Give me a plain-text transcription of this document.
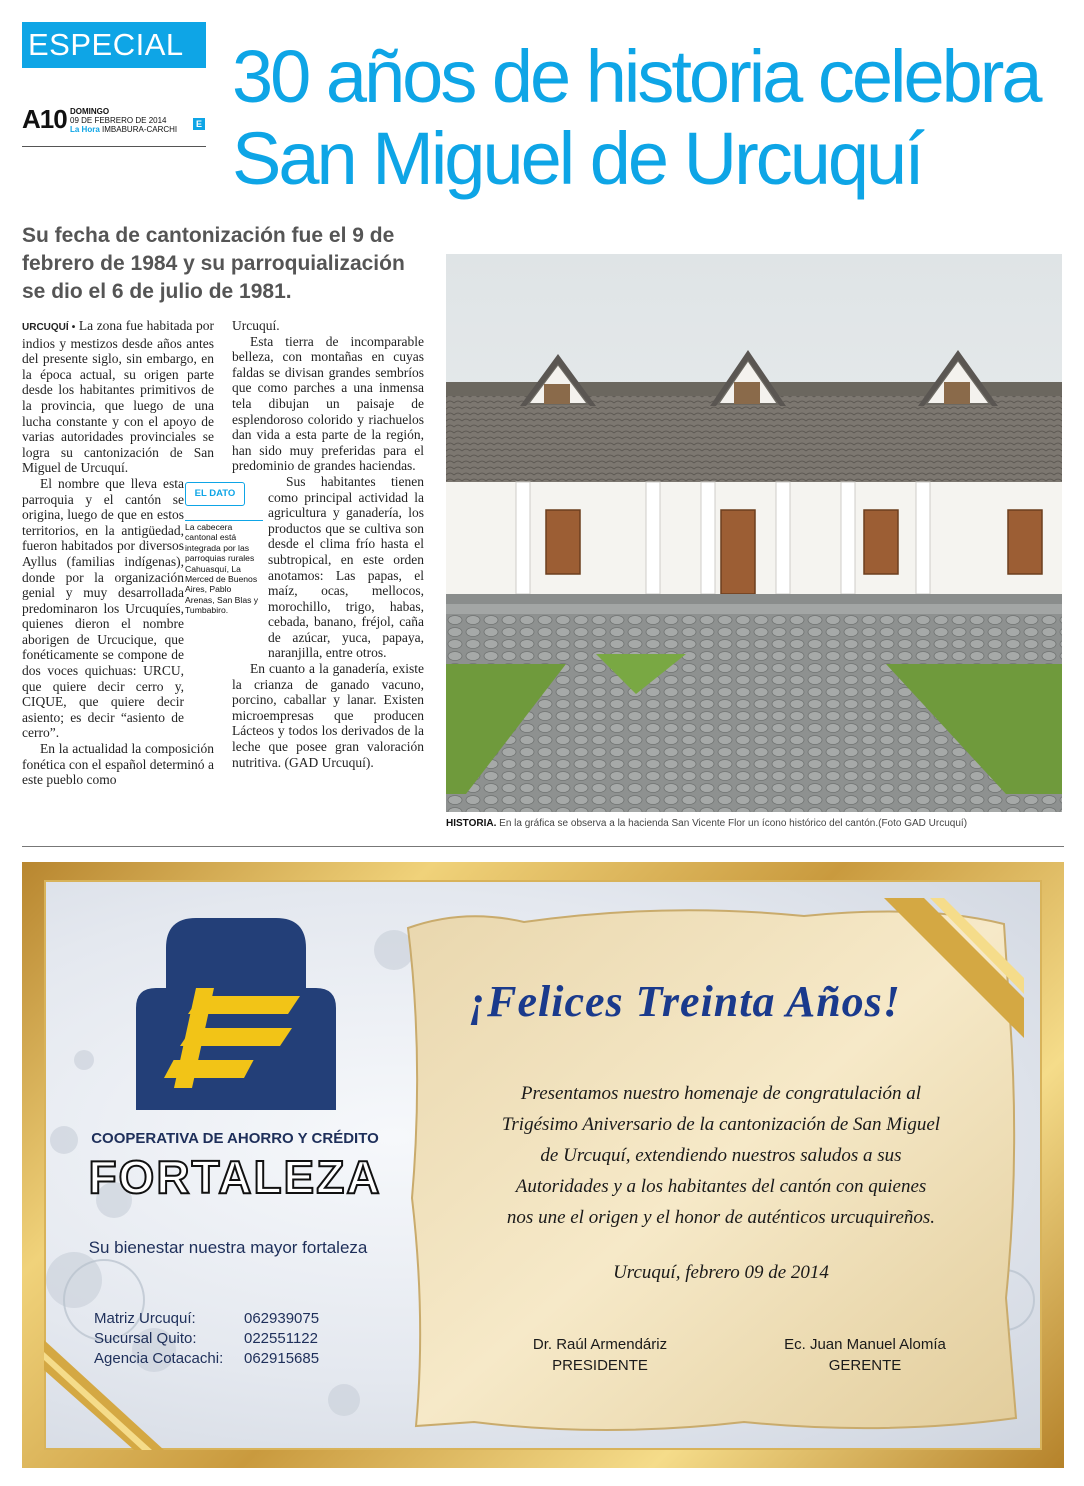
ESPECIAL
A10 DOMINGO
09 DE FEBRERO DE 2014
La Hora IMBABURA-CARCHI
E
30 años de historia celebra
San Miguel de Urcuquí
Su fecha de cantonización fue el 9 de febrero de 1984 y su parroquialización se dio el 6 de julio de 1981.

URCUQUÍ • La zona fue habitada por indios y mestizos desde años antes del presente siglo, sin embargo, en la época actual, su origen parte desde los habitantes primitivos de la provincia, que luego de una lucha constante y con el apoyo de varias autoridades provinciales se logra su cantonización de San Miguel de Urcuquí.

El nombre que lleva esta parroquia y el cantón se origina, luego de que en estos territorios, en la antigüedad, fueron habitados por diversos Ayllus (familias indígenas), donde por la organización genial y muy desarrollada predominaron los Urcuquíes, quienes dieron el nombre aborigen de Urcucique, que fonéticamente se compone de dos voces quichuas: URCU, que quiere decir cerro y, CIQUE, que quiere decir asiento; es decir “asiento de cerro”.

En la actualidad la composición fonética con el español determinó a este pueblo como

Urcuquí.

Esta tierra de incomparable belleza, con montañas en cuyas faldas se divisan grandes sembríos que como parches a una inmensa tela dibujan un paisaje de esplendoroso colorido y riachuelos dan vida a esta parte de la región, han sido muy preferidas para el predominio de grandes haciendas.

Sus habitantes tienen como principal actividad la agricultura y ganadería, los productos que se cultiva son desde el clima frío hasta el subtropical, en este orden anotamos: Las papas, el maíz, ocas, mellocos, morochillo, trigo, habas, cebada, banano, fréjol, caña de azúcar, yuca, papaya, naranjilla, entre otros.

En cuanto a la ganadería, existe la crianza de ganado vacuno, porcino, caballar y lanar. Existen microempresas que producen Lácteos y todos los derivados de la leche que posee gran valoración nutritiva. (GAD Urcuquí).

EL DATO
La cabecera cantonal está integrada por las parroquias rurales Cahuasquí, La Merced de Buenos Aires, Pablo Arenas, San Blas y Tumbabiro.
HISTORIA. En la gráfica se observa a la hacienda San Vicente Flor un ícono histórico del cantón.(Foto GAD Urcuquí)
COOPERATIVA DE AHORRO Y CRÉDITO
FORTALEZA
Su bienestar nuestra mayor fortaleza
Matriz Urcuquí:	062939075
Sucursal Quito:	022551122
Agencia Cotacachi: 062915685
¡Felices Treinta Años!
Presentamos nuestro homenaje de congratulación al
Trigésimo Aniversario de la cantonización de San Miguel
de Urcuquí, extendiendo nuestros saludos a sus
Autoridades y a los habitantes del cantón con quienes
nos une el origen y el honor de auténticos urcuquireños.
Urcuquí, febrero 09 de 2014
Dr. Raúl Armendáriz
PRESIDENTE
Ec. Juan Manuel Alomía
GERENTE
